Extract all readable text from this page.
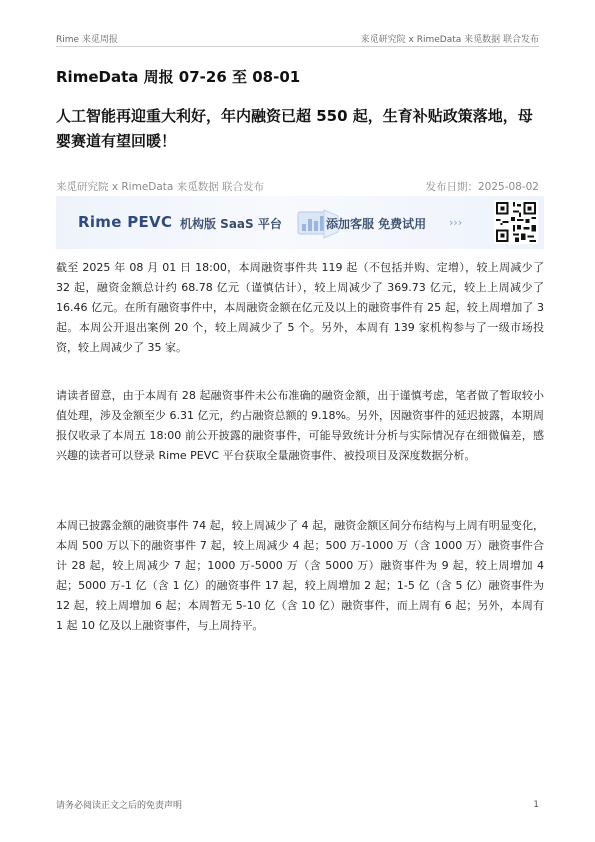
Rime 来觅周报	来觅研究院 x RimeData 来觅数据 联合发布
RimeData 周报 07-26 至 08-01
人工智能再迎重大利好，年内融资已超 550 起，生育补贴政策落地，母婴赛道有望回暖！
来觅研究院 x RimeData 来觅数据 联合发布	发布日期：2025-08-02
Rime PEVC 机构版 SaaS 平台	添加客服 免费试用 ›››
截至 2025 年 08 月 01 日 18:00，本周融资事件共 119 起（不包括并购、定增），较上周减少了 32 起，融资金额总计约 68.78 亿元（谨慎估计），较上周减少了 369.73 亿元，较上上周减少了 16.46 亿元。在所有融资事件中，本周融资金额在亿元及以上的融资事件有 25 起，较上周增加了 3 起。本周公开退出案例 20 个，较上周减少了 5 个。另外，本周有 139 家机构参与了一级市场投资，较上周减少了 35 家。
请读者留意，由于本周有 28 起融资事件未公布准确的融资金额，出于谨慎考虑，笔者做了暂取较小值处理，涉及金额至少 6.31 亿元，约占融资总额的 9.18%。另外，因融资事件的延迟披露，本期周报仅收录了本周五 18:00 前公开披露的融资事件，可能导致统计分析与实际情况存在细微偏差，感兴趣的读者可以登录 Rime PEVC 平台获取全量融资事件、被投项目及深度数据分析。
本周已披露金额的融资事件 74 起，较上周减少了 4 起，融资金额区间分布结构与上周有明显变化，本周 500 万以下的融资事件 7 起，较上周减少 4 起；500 万-1000 万（含 1000 万）融资事件合计 28 起，较上周减少 7 起；1000 万-5000 万（含 5000 万）融资事件为 9 起，较上周增加 4 起；5000 万-1 亿（含 1 亿）的融资事件 17 起，较上周增加 2 起；1-5 亿（含 5 亿）融资事件为 12 起，较上周增加 6 起；本周暂无 5-10 亿（含 10 亿）融资事件，而上周有 6 起；另外，本周有 1 起 10 亿及以上融资事件，与上周持平。
请务必阅读正文之后的免责声明	1
